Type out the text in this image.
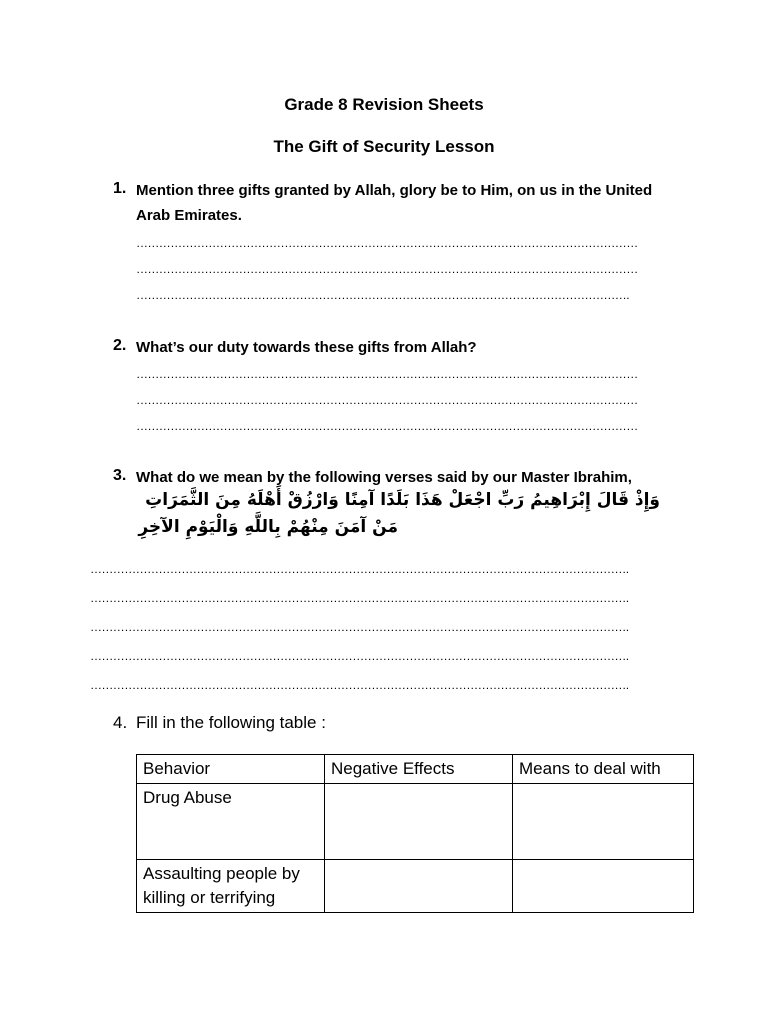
Grade 8 Revision Sheets
The Gift of Security Lesson
1. Mention three gifts granted by Allah, glory be to Him, on us in the United Arab Emirates.
……………………………………………………………………………………………………………………
……………………………………………………………………………………………………………………
………………………………………………………………………………………………………………….
2. What’s our duty towards these gifts from Allah?
……………………………………………………………………………………………………………………
……………………………………………………………………………………………………………………
……………………………………………………………………………………………………………………
3. What do we mean by the following verses said by our Master Ibrahim,
وَإِذْ قَالَ إِبْرَاهِيمُ رَبِّ اجْعَلْ هَذَا بَلَدًا آمِنًا وَارْزُقْ أَهْلَهُ مِنَ الثَّمَرَاتِ
مَنْ آمَنَ مِنْهُمْ بِاللَّهِ وَالْيَوْمِ الآخِرِ
…………………………………………………………………………………………………………………………….
…………………………………………………………………………………………………………………………….
…………………………………………………………………………………………………………………………….
…………………………………………………………………………………………………………………………….
…………………………………………………………………………………………………………………………….
4. Fill in the following table :
Behavior	Negative Effects	Means to deal with
Drug Abuse		
Assaulting people by killing or terrifying		
